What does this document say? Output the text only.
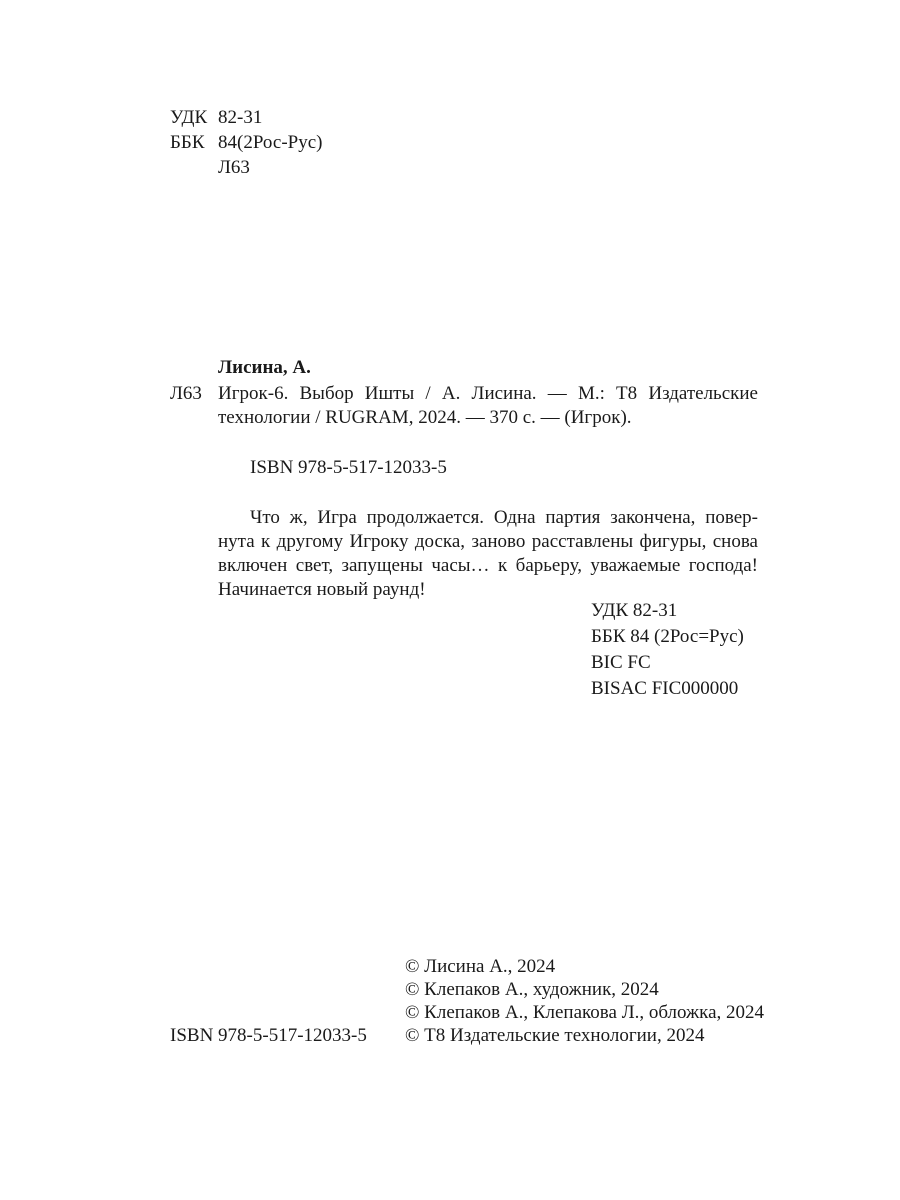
УДК 82-31
ББК 84(2Рос-Рус)
Л63
Лисина, А.
Л63 Игрок-6. Выбор Ишты / А. Лисина. — М.: Т8 Издательские
технологии / RUGRAM, 2024. — 370 с. — (Игрок).
ISBN 978-5-517-12033-5
Что ж, Игра продолжается. Одна партия закончена, повер-
нута к другому Игроку доска, заново расставлены фигуры, снова
включен свет, запущены часы… к барьеру, уважаемые господа!
Начинается новый раунд!
УДК 82-31
ББК 84 (2Рос=Рус)
BIC FC
BISAC FIC000000
© Лисина А., 2024
© Клепаков А., художник, 2024
© Клепаков А., Клепакова Л., обложка, 2024
© Т8 Издательские технологии, 2024
ISBN 978-5-517-12033-5
